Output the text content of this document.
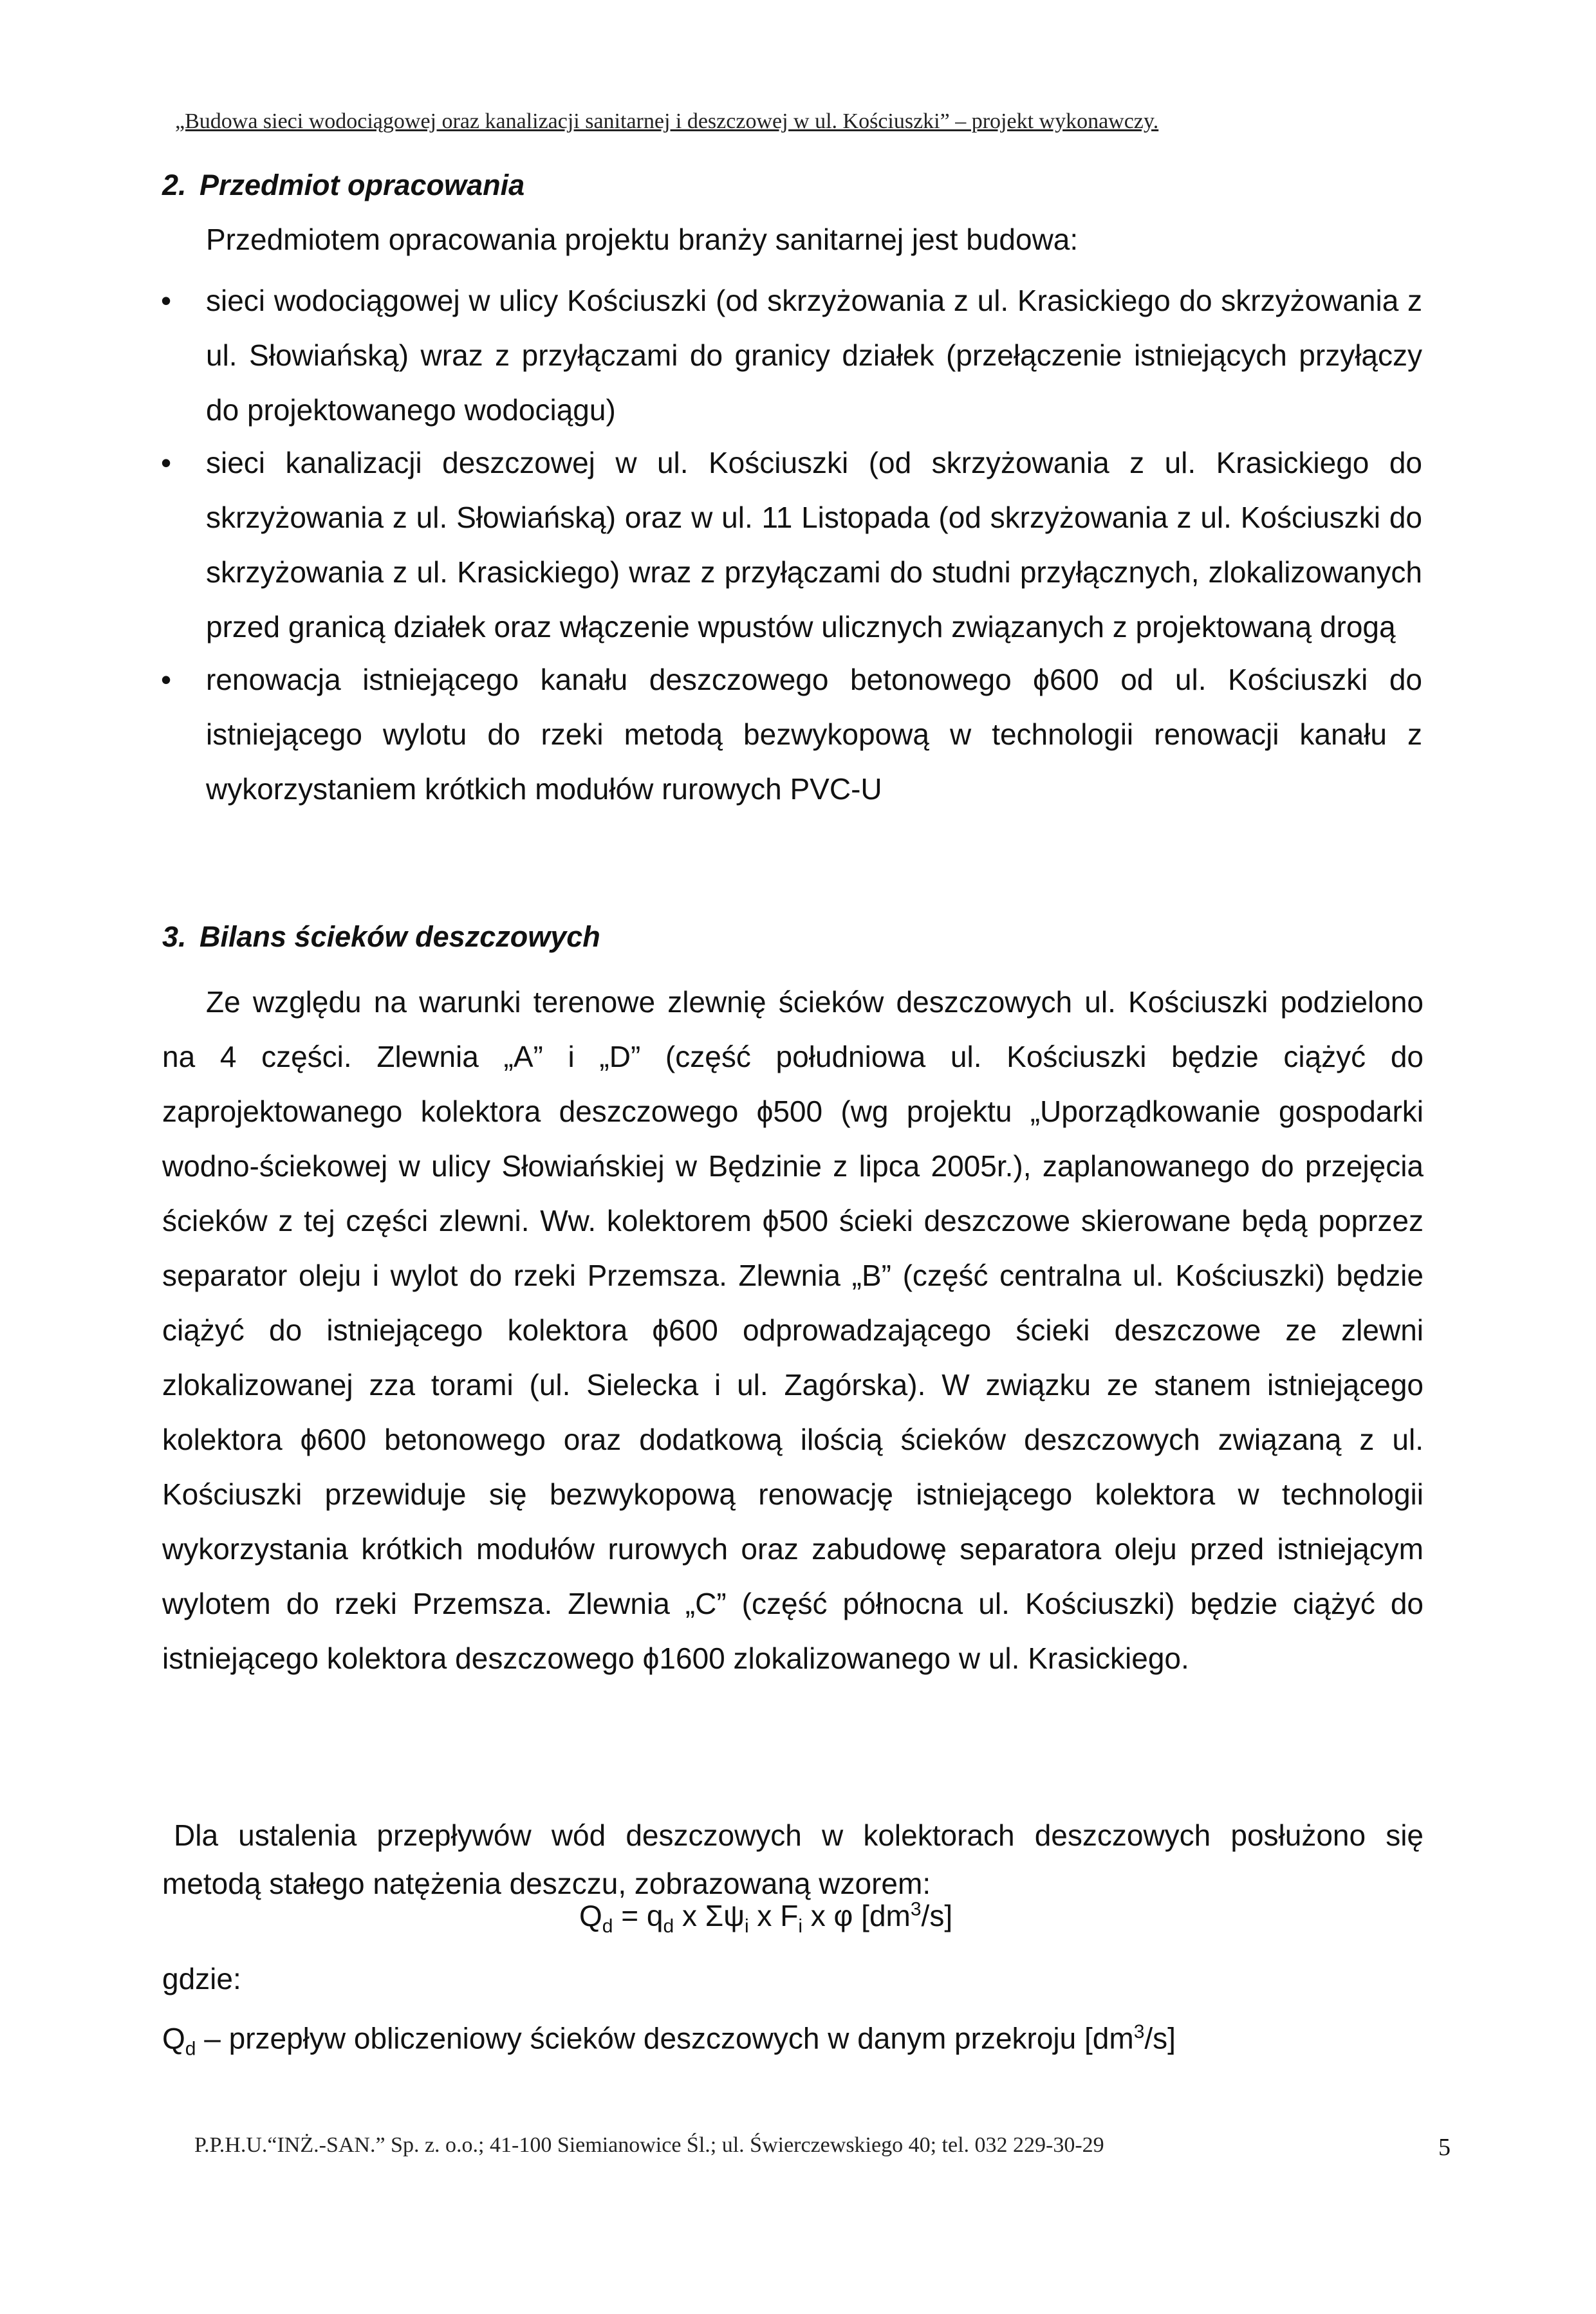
„Budowa sieci wodociągowej oraz kanalizacji sanitarnej i deszczowej w ul. Kościuszki” – projekt wykonawczy.
2. Przedmiot opracowania
Przedmiotem opracowania projektu branży sanitarnej jest budowa:
• sieci wodociągowej w ulicy Kościuszki (od skrzyżowania z ul. Krasickiego do skrzyżowania z ul. Słowiańską) wraz z przyłączami do granicy działek (przełączenie istniejących przyłączy do projektowanego wodociągu)
• sieci kanalizacji deszczowej w ul. Kościuszki (od skrzyżowania z ul. Krasickiego do skrzyżowania z ul. Słowiańską) oraz w ul. 11 Listopada (od skrzyżowania z ul. Kościuszki do skrzyżowania z ul. Krasickiego) wraz z przyłączami do studni przyłącznych, zlokalizowanych przed granicą działek oraz włączenie wpustów ulicznych związanych z projektowaną drogą
• renowacja istniejącego kanału deszczowego betonowego ϕ600 od ul. Kościuszki do istniejącego wylotu do rzeki metodą bezwykopową w technologii renowacji kanału z wykorzystaniem krótkich modułów rurowych PVC-U
3. Bilans ścieków deszczowych
Ze względu na warunki terenowe zlewnię ścieków deszczowych ul. Kościuszki podzielono na 4 części. Zlewnia „A” i „D” (część południowa ul. Kościuszki będzie ciążyć do zaprojektowanego kolektora deszczowego ϕ500 (wg projektu „Uporządkowanie gospodarki wodno-ściekowej w ulicy Słowiańskiej w Będzinie z lipca 2005r.), zaplanowanego do przejęcia ścieków z tej części zlewni. Ww. kolektorem ϕ500 ścieki deszczowe skierowane będą poprzez separator oleju i wylot do rzeki Przemsza. Zlewnia „B” (część centralna ul. Kościuszki) będzie ciążyć do istniejącego kolektora ϕ600 odprowadzającego ścieki deszczowe ze zlewni zlokalizowanej zza torami (ul. Sielecka i ul. Zagórska). W związku ze stanem istniejącego kolektora ϕ600 betonowego oraz dodatkową ilością ścieków deszczowych związaną z ul. Kościuszki przewiduje się bezwykopową renowację istniejącego kolektora w technologii wykorzystania krótkich modułów rurowych oraz zabudowę separatora oleju przed istniejącym wylotem do rzeki Przemsza. Zlewnia „C” (część północna ul. Kościuszki) będzie ciążyć do istniejącego kolektora deszczowego ϕ1600 zlokalizowanego w ul. Krasickiego.
Dla ustalenia przepływów wód deszczowych w kolektorach deszczowych posłużono się metodą stałego natężenia deszczu, zobrazowaną wzorem:
$Q_d = q_d$ x $\Sigma\psi_i$ x $F_i$ x φ $[dm^3/s]$
gdzie:
$Q_d$ – przepływ obliczeniowy ścieków deszczowych w danym przekroju $[dm^3/s]$
P.P.H.U.“INŻ.-SAN.” Sp. z. o.o.; 41-100 Siemianowice Śl.; ul. Świerczewskiego 40; tel. 032 229-30-29	5
